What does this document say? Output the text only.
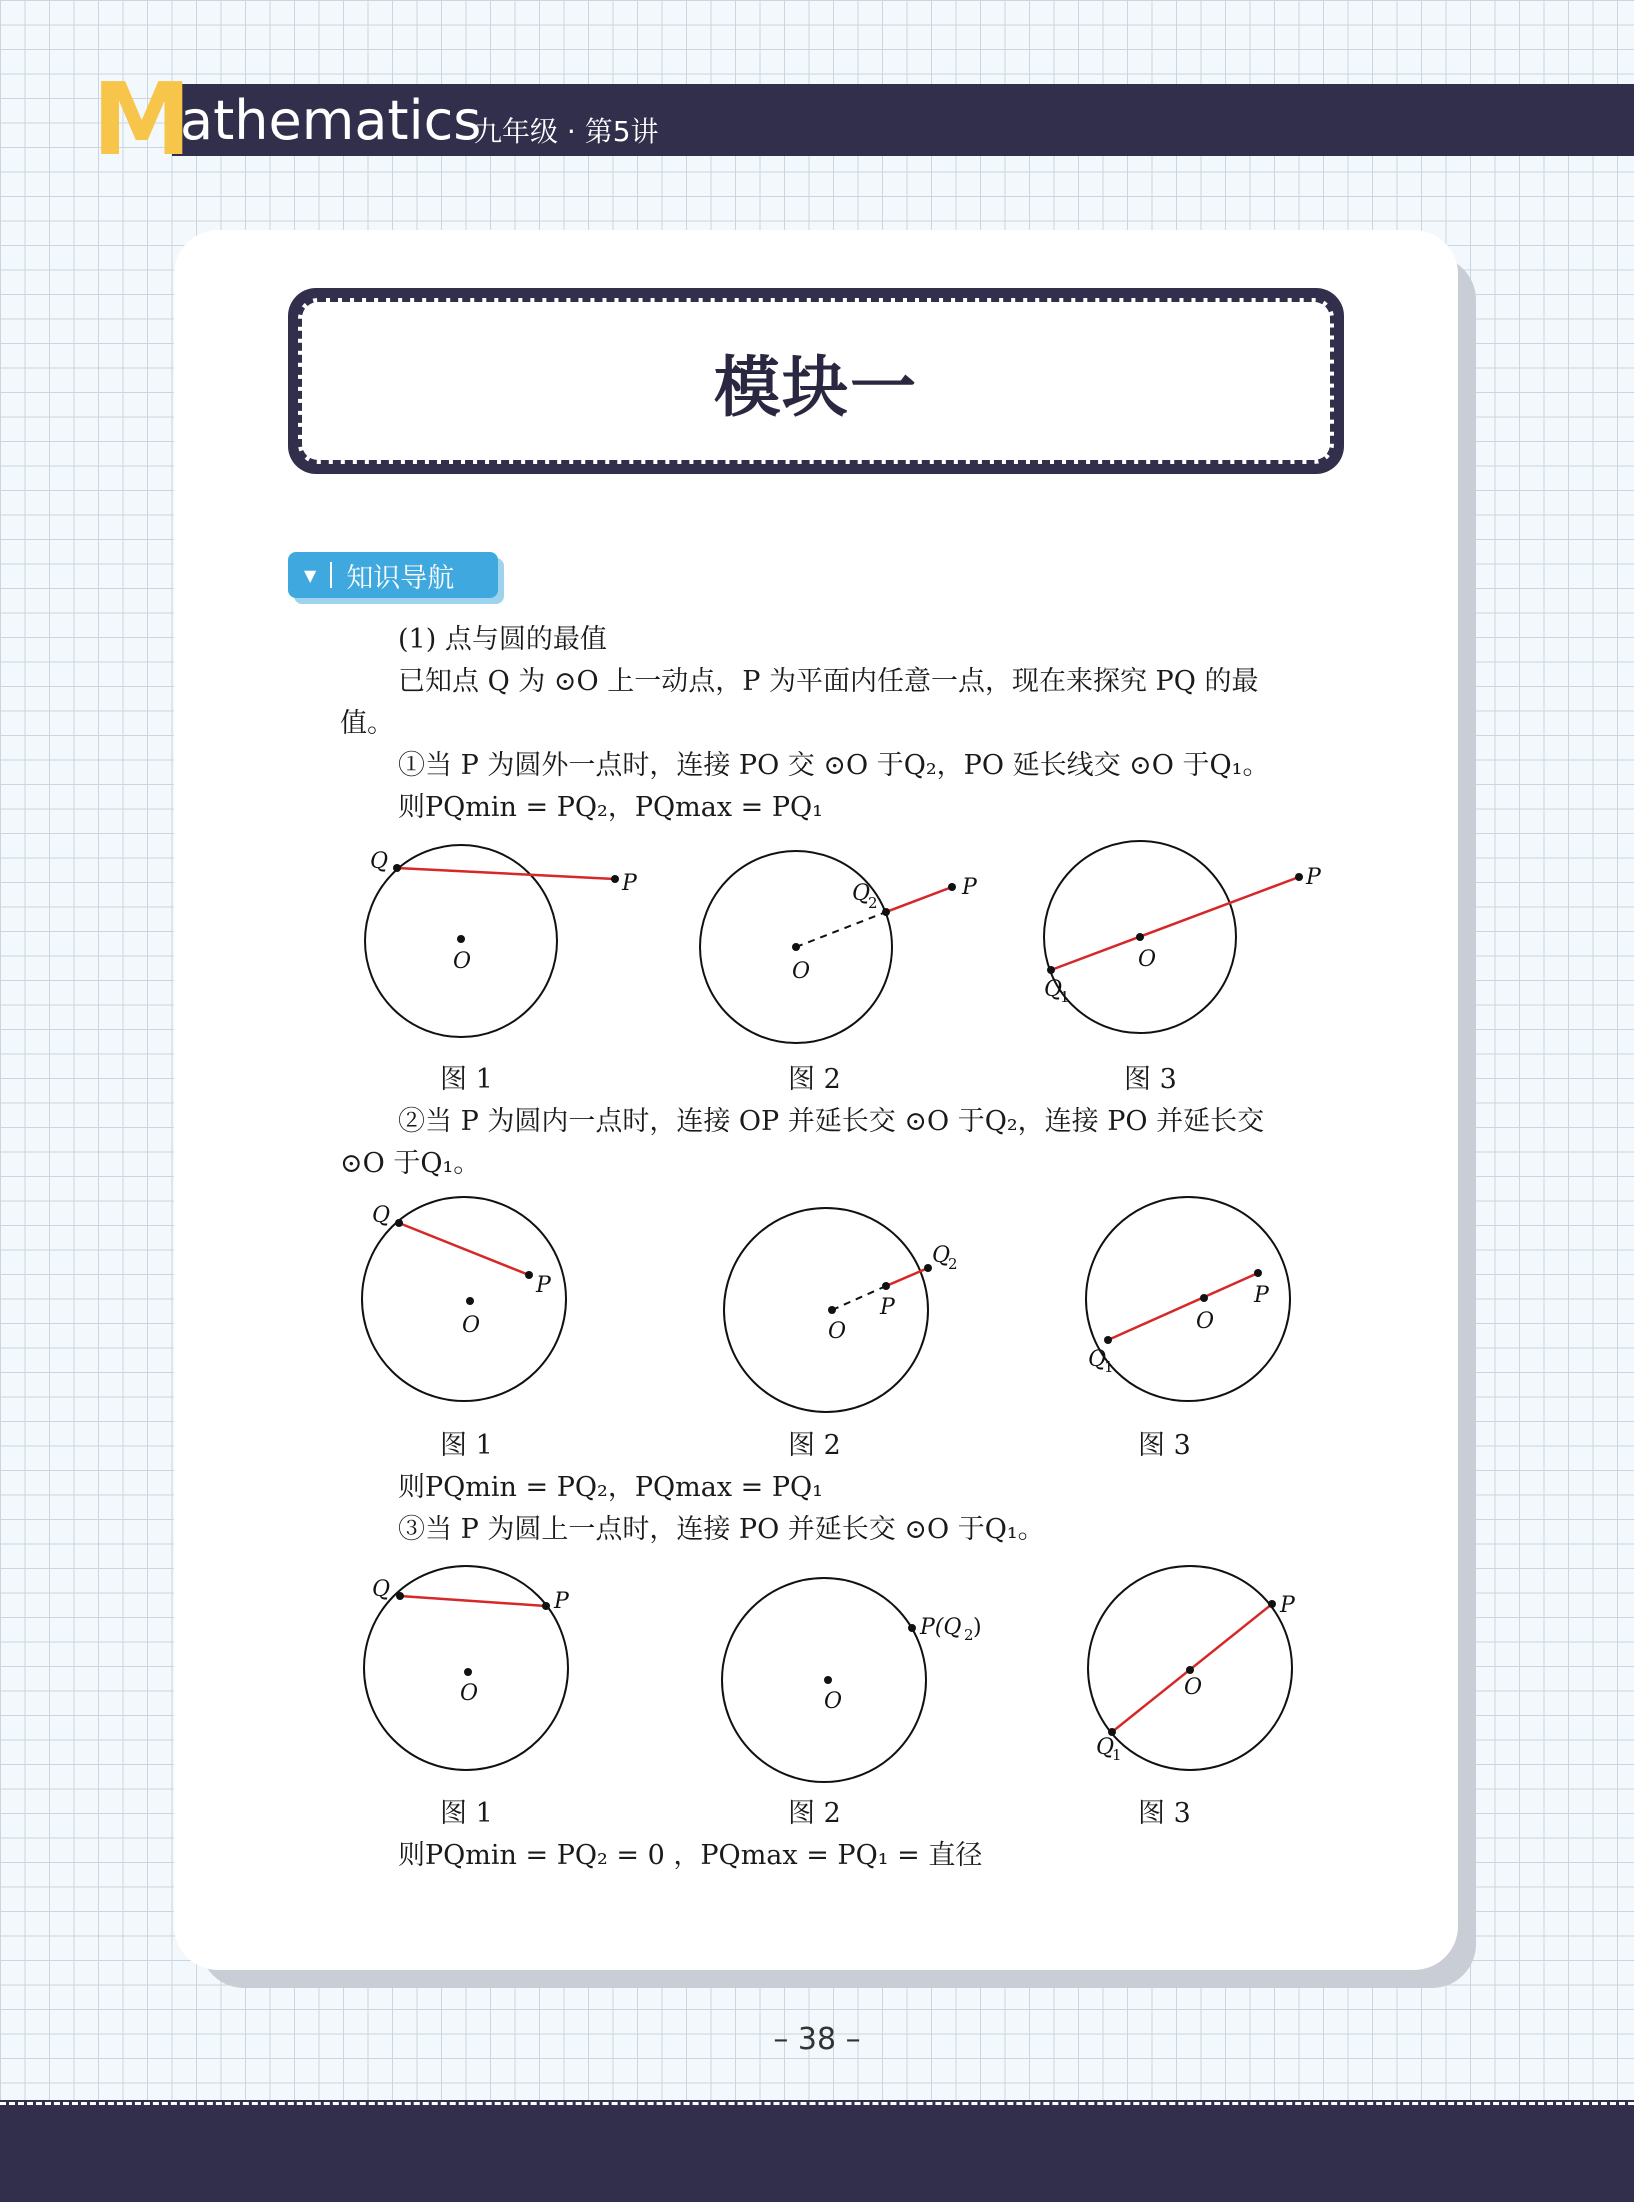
M
athematics
九年级 · 第5讲
模块一
▼ 知识导航
(1) 点与圆的最值
已知点 Q 为 ⊙O 上一动点，P 为平面内任意一点，现在来探究 PQ 的最
值。
①当 P 为圆外一点时，连接 PO 交 ⊙O 于Q₂，PO 延长线交 ⊙O 于Q₁。
则PQmin = PQ₂，PQmax = PQ₁
Q
P
O
Q
2
P
O
Q
1
O
P
图 1	图 2	图 3
②当 P 为圆内一点时，连接 OP 并延长交 ⊙O 于Q₂，连接 PO 并延长交
⊙O 于Q₁。
Q
P
O
Q
2
P
O
Q
1
O
P
图 1	图 2	图 3
则PQmin = PQ₂，PQmax = PQ₁
③当 P 为圆上一点时，连接 PO 并延长交 ⊙O 于Q₁。
Q	P
O
P(Q 2 )
O
Q
1
O
P
图 1	图 2	图 3
则PQmin = PQ₂ = 0 ，PQmax = PQ₁ = 直径
– 38 –
